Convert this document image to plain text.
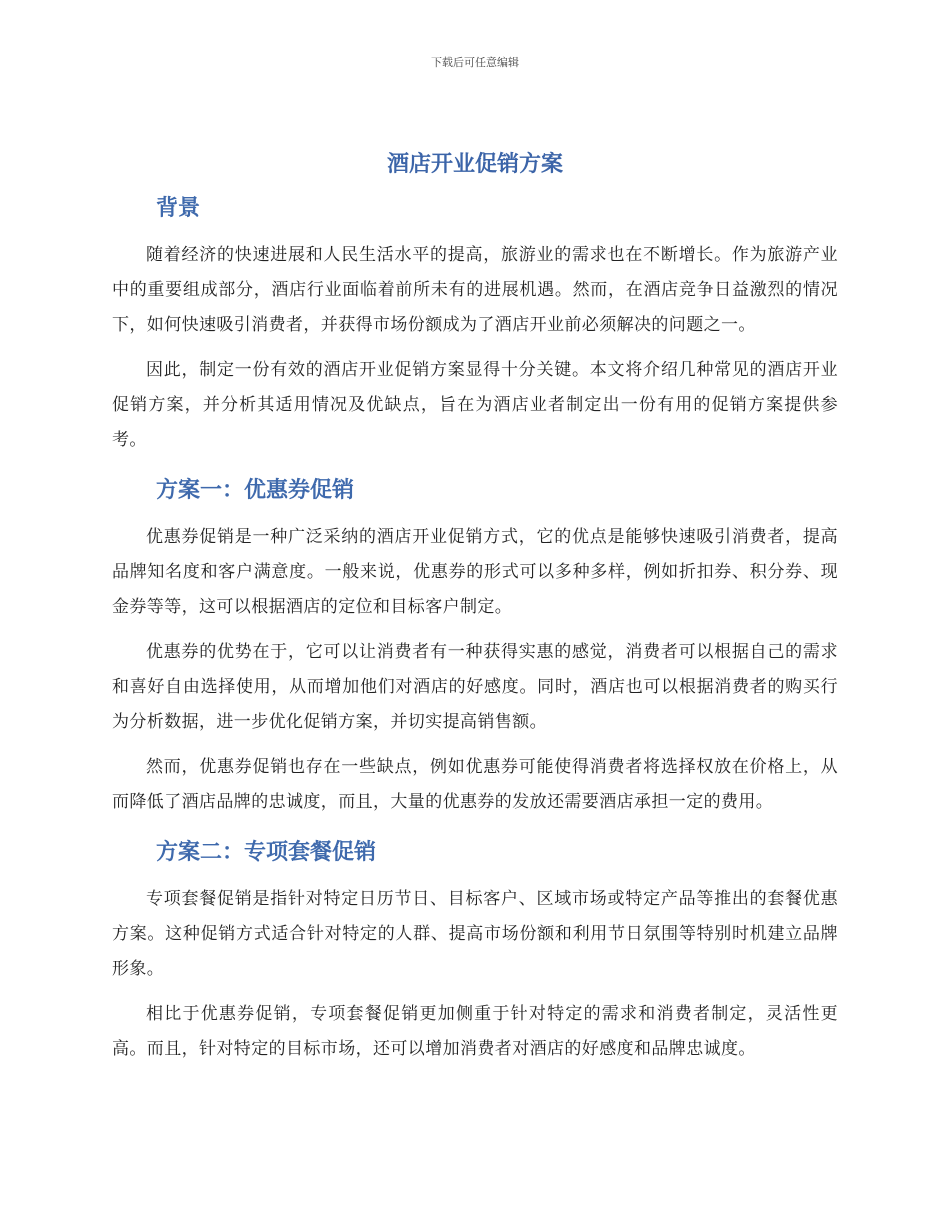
下载后可任意编辑
酒店开业促销方案
背景

随着经济的快速进展和人民生活水平的提高，旅游业的需求也在不断增长。作为旅游产业中的重要组成部分，酒店行业面临着前所未有的进展机遇。然而，在酒店竞争日益激烈的情况下，如何快速吸引消费者，并获得市场份额成为了酒店开业前必须解决的问题之一。

因此，制定一份有效的酒店开业促销方案显得十分关键。本文将介绍几种常见的酒店开业促销方案，并分析其适用情况及优缺点，旨在为酒店业者制定出一份有用的促销方案提供参考。

方案一：优惠券促销

优惠券促销是一种广泛采纳的酒店开业促销方式，它的优点是能够快速吸引消费者，提高品牌知名度和客户满意度。一般来说，优惠券的形式可以多种多样，例如折扣券、积分券、现金券等等，这可以根据酒店的定位和目标客户制定。

优惠券的优势在于，它可以让消费者有一种获得实惠的感觉，消费者可以根据自己的需求和喜好自由选择使用，从而增加他们对酒店的好感度。同时，酒店也可以根据消费者的购买行为分析数据，进一步优化促销方案，并切实提高销售额。

然而，优惠券促销也存在一些缺点，例如优惠券可能使得消费者将选择权放在价格上，从而降低了酒店品牌的忠诚度，而且，大量的优惠券的发放还需要酒店承担一定的费用。

方案二：专项套餐促销

专项套餐促销是指针对特定日历节日、目标客户、区域市场或特定产品等推出的套餐优惠方案。这种促销方式适合针对特定的人群、提高市场份额和利用节日氛围等特别时机建立品牌形象。

相比于优惠券促销，专项套餐促销更加侧重于针对特定的需求和消费者制定，灵活性更高。而且，针对特定的目标市场，还可以增加消费者对酒店的好感度和品牌忠诚度。
